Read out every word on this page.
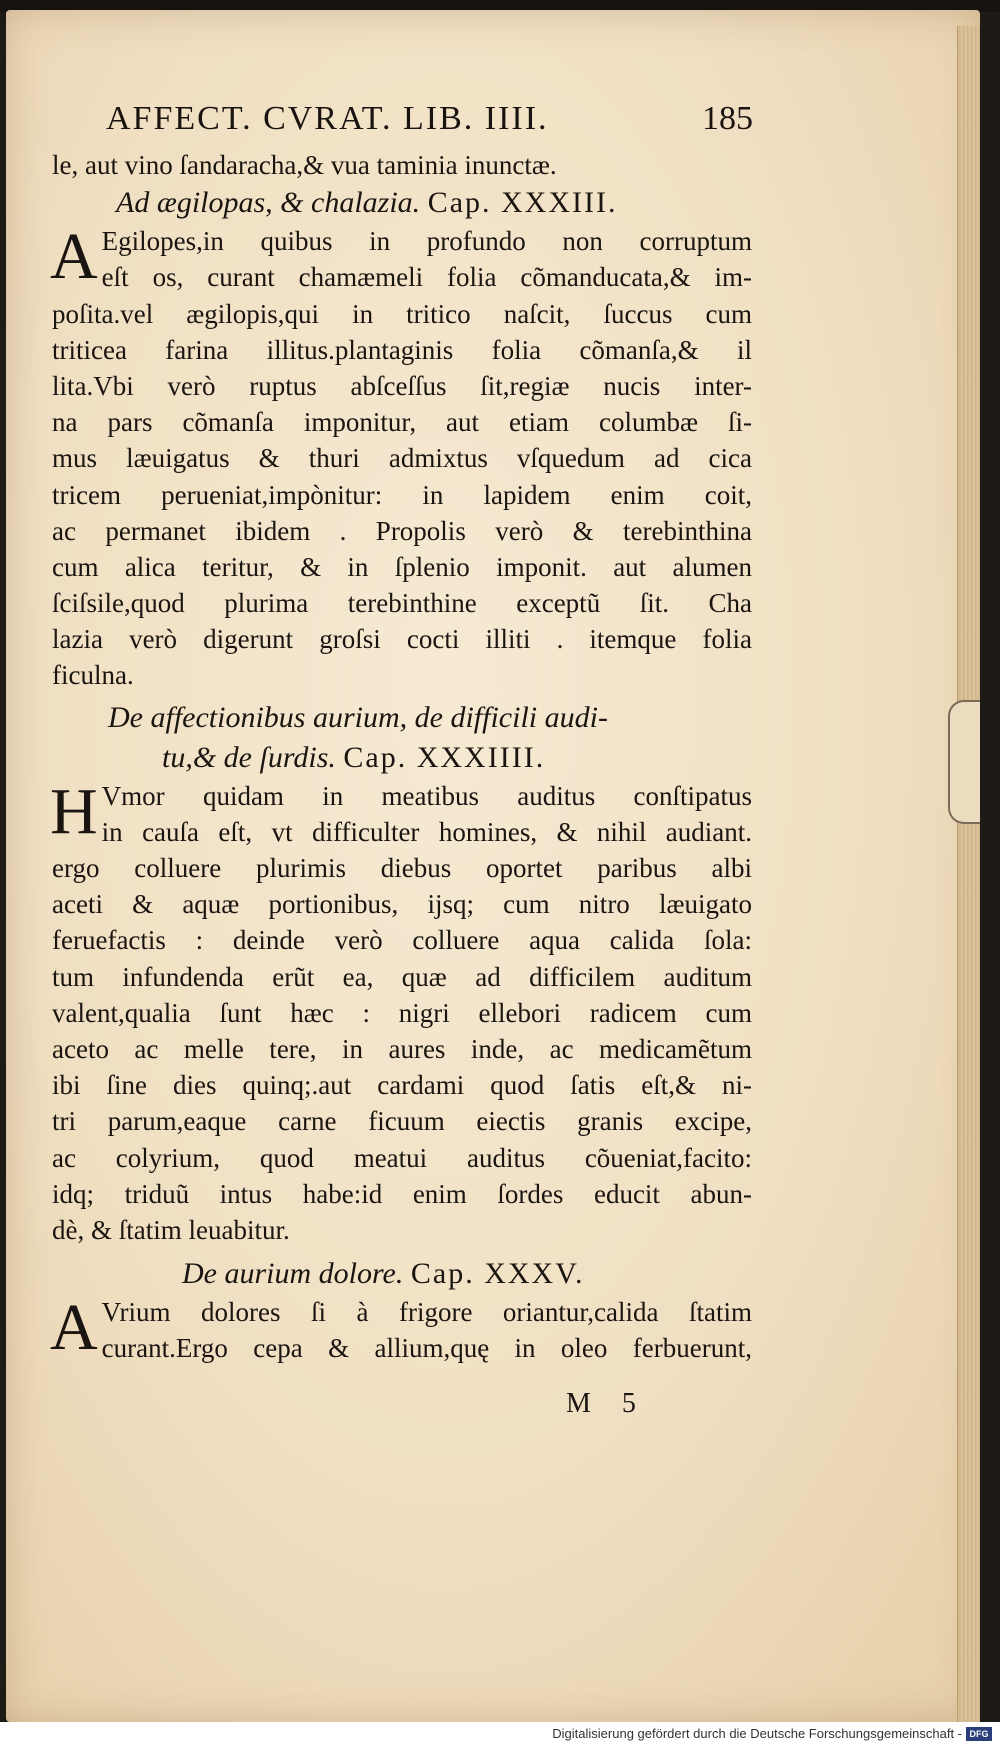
AFFECT. CVRAT. LIB. IIII.	185
le, aut vino ſandaracha,& vua taminia inunctæ.
Ad ægilopas, & chalazia. Cap. XXXIII.
A Egilopes,in quibus in profundo non corruptum
eſt os, curant chamæmeli folia cõmanducata,& im-
poſita.vel ægilopis,qui in tritico naſcit, ſuccus cum
triticea farina illitus.plantaginis folia cõmanſa,& il
lita.Vbi verò ruptus abſceſſus ſit,regiæ nucis inter-
na pars cõmanſa imponitur, aut etiam columbæ ſi-
mus læuigatus & thuri admixtus vſquedum ad cica
tricem perueniat,impònitur: in lapidem enim coit,
ac permanet ibidem . Propolis verò & terebinthina
cum alica teritur, & in ſplenio imponit. aut alumen
ſciſsile,quod plurima terebinthine exceptũ ſit. Cha
lazia verò digerunt groſsi cocti illiti . itemque folia
ficulna.
De affectionibus aurium, de difficili audi-
tu,& de ſurdis. Cap. XXXIIII.
H Vmor quidam in meatibus auditus conſtipatus
in cauſa eſt, vt difficulter homines, & nihil audiant.
ergo colluere plurimis diebus oportet paribus albi
aceti & aquæ portionibus, ijsq; cum nitro læuigato
feruefactis : deinde verò colluere aqua calida ſola:
tum infundenda erũt ea, quæ ad difficilem auditum
valent,qualia ſunt hæc : nigri ellebori radicem cum
aceto ac melle tere, in aures inde, ac medicamẽtum
ibi ſine dies quinq;.aut cardami quod ſatis eſt,& ni-
tri parum,eaque carne ficuum eiectis granis excipe,
ac colyrium, quod meatui auditus cõueniat,facito:
idq; triduũ intus habe:id enim ſordes educit abun-
dè, & ſtatim leuabitur.
De aurium dolore. Cap. XXXV.
A Vrium dolores ſi à frigore oriantur,calida ſtatim
curant.Ergo cepa & allium,quę in oleo ferbuerunt,
M 5
Digitalisierung gefördert durch die Deutsche Forschungsgemeinschaft - DFG
